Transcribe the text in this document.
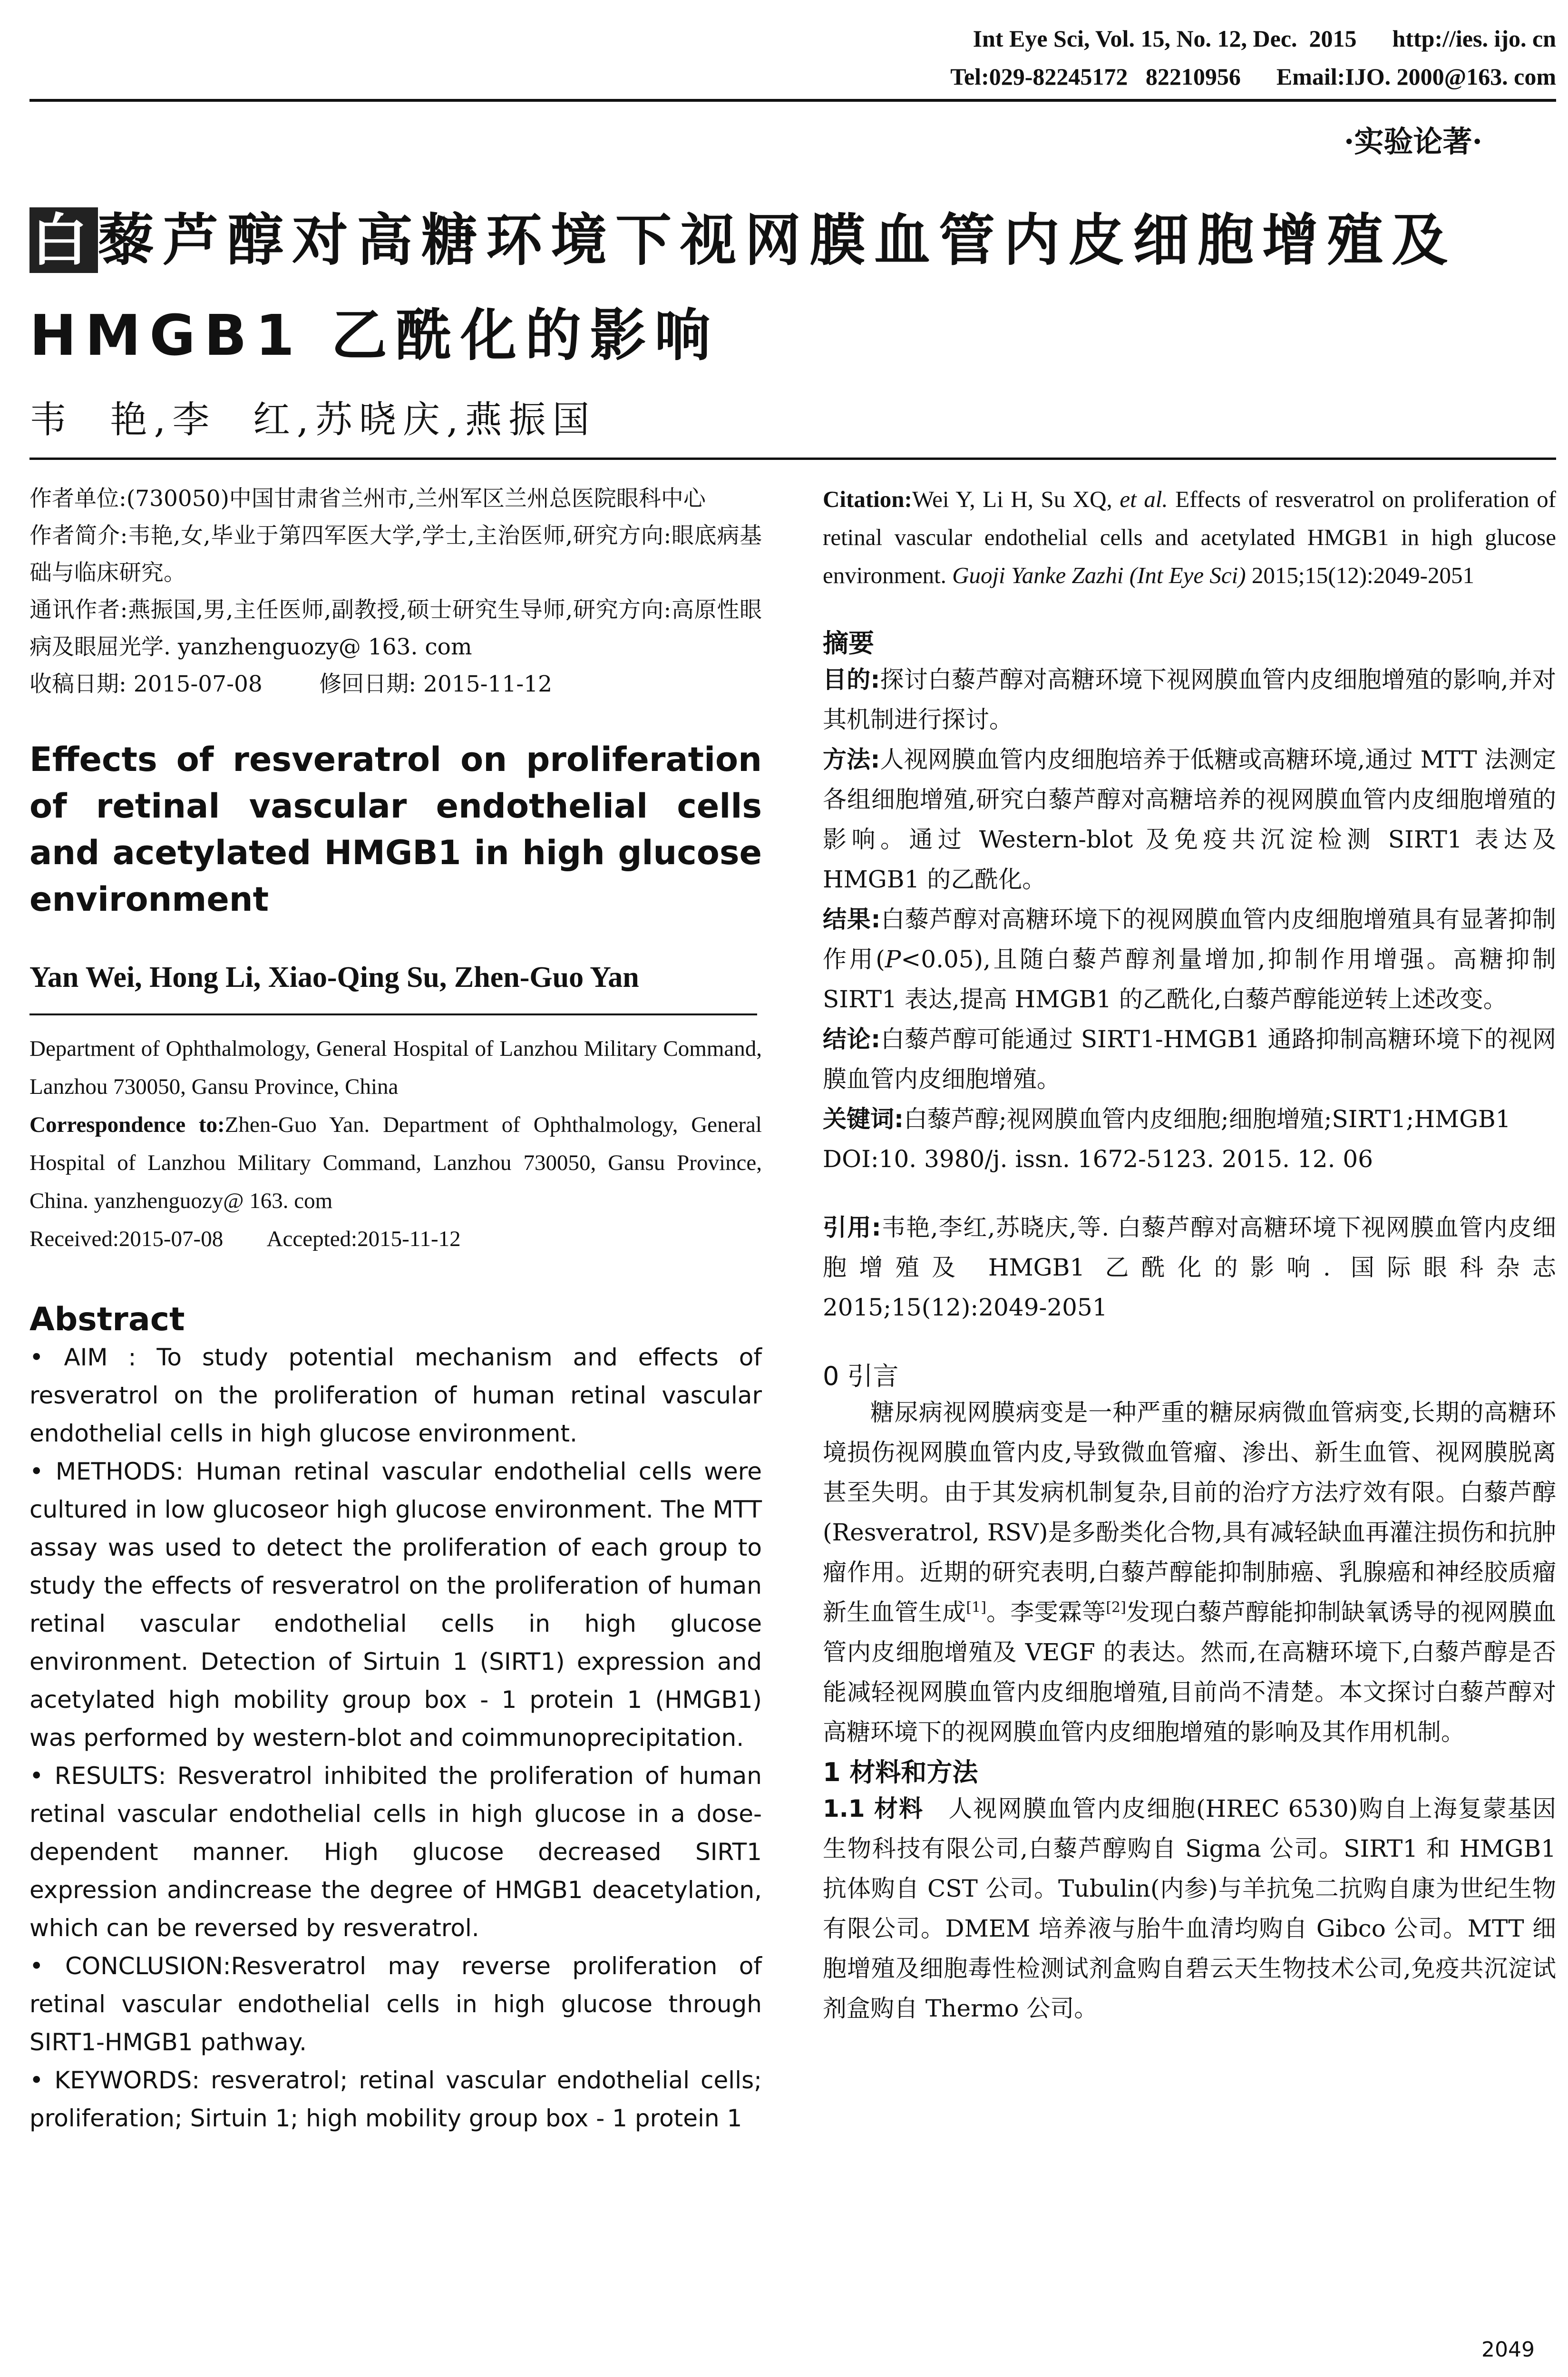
Int Eye Sci, Vol. 15, No. 12, Dec.  2015      http://ies. ijo. cn
Tel:029-82245172   82210956      Email:IJO. 2000@163. com
·实验论著·
白藜芦醇对高糖环境下视网膜血管内皮细胞增殖及HMGB1 乙酰化的影响
韦  艳,李  红,苏晓庆,燕振国

作者单位:(730050)中国甘肃省兰州市,兰州军区兰州总医院眼科中心

作者简介:韦艳,女,毕业于第四军医大学,学士,主治医师,研究方向:眼底病基础与临床研究。

通讯作者:燕振国,男,主任医师,副教授,硕士研究生导师,研究方向:高原性眼病及眼屈光学. yanzhenguozy@ 163. com

收稿日期: 2015-07-08        修回日期: 2015-11-12

Effects of resveratrol on proliferation of retinal vascular endothelial cells and acetylated HMGB1 in high glucose environment

Yan Wei, Hong Li, Xiao-Qing Su, Zhen-Guo Yan

Department of Ophthalmology, General Hospital of Lanzhou Military Command, Lanzhou 730050, Gansu Province, China

Correspondence to:Zhen-Guo Yan. Department of Ophthalmology, General Hospital of Lanzhou Military Command, Lanzhou 730050, Gansu Province, China. yanzhenguozy@ 163. com

Received:2015-07-08        Accepted:2015-11-12

Abstract

• AIM : To study potential mechanism and effects of resveratrol on the proliferation of human retinal vascular endothelial cells in high glucose environment.

• METHODS: Human retinal vascular endothelial cells were cultured in low glucoseor high glucose environment. The MTT assay was used to detect the proliferation of each group to study the effects of resveratrol on the proliferation of human retinal vascular endothelial cells in high glucose environment. Detection of Sirtuin 1 (SIRT1) expression and acetylated high mobility group box - 1 protein 1 (HMGB1) was performed by western-blot and coimmunoprecipitation.

• RESULTS: Resveratrol inhibited the proliferation of human retinal vascular endothelial cells in high glucose in a dose-dependent manner. High glucose decreased SIRT1 expression andincrease the degree of HMGB1 deacetylation, which can be reversed by resveratrol.

• CONCLUSION:Resveratrol may reverse proliferation of retinal vascular endothelial cells in high glucose through SIRT1-HMGB1 pathway.

• KEYWORDS: resveratrol; retinal vascular endothelial cells; proliferation; Sirtuin 1; high mobility group box - 1 protein 1

Citation:Wei Y, Li H, Su XQ, et al. Effects of resveratrol on proliferation of retinal vascular endothelial cells and acetylated HMGB1 in high glucose environment. Guoji Yanke Zazhi (Int Eye Sci) 2015;15(12):2049-2051

摘要

目的:探讨白藜芦醇对高糖环境下视网膜血管内皮细胞增殖的影响,并对其机制进行探讨。

方法:人视网膜血管内皮细胞培养于低糖或高糖环境,通过 MTT 法测定各组细胞增殖,研究白藜芦醇对高糖培养的视网膜血管内皮细胞增殖的影响。通过 Western-blot 及免疫共沉淀检测 SIRT1 表达及 HMGB1 的乙酰化。

结果:白藜芦醇对高糖环境下的视网膜血管内皮细胞增殖具有显著抑制作用(P<0.05),且随白藜芦醇剂量增加,抑制作用增强。高糖抑制 SIRT1 表达,提高 HMGB1 的乙酰化,白藜芦醇能逆转上述改变。

结论:白藜芦醇可能通过 SIRT1-HMGB1 通路抑制高糖环境下的视网膜血管内皮细胞增殖。

关键词:白藜芦醇;视网膜血管内皮细胞;细胞增殖;SIRT1;HMGB1

DOI:10. 3980/j. issn. 1672-5123. 2015. 12. 06

引用:韦艳,李红,苏晓庆,等. 白藜芦醇对高糖环境下视网膜血管内皮细胞增殖及 HMGB1 乙酰化的影响. 国际眼科杂志 2015;15(12):2049-2051

0 引言

糖尿病视网膜病变是一种严重的糖尿病微血管病变,长期的高糖环境损伤视网膜血管内皮,导致微血管瘤、渗出、新生血管、视网膜脱离甚至失明。由于其发病机制复杂,目前的治疗方法疗效有限。白藜芦醇(Resveratrol, RSV)是多酚类化合物,具有减轻缺血再灌注损伤和抗肿瘤作用。近期的研究表明,白藜芦醇能抑制肺癌、乳腺癌和神经胶质瘤新生血管生成[1]。李雯霖等[2]发现白藜芦醇能抑制缺氧诱导的视网膜血管内皮细胞增殖及 VEGF 的表达。然而,在高糖环境下,白藜芦醇是否能减轻视网膜血管内皮细胞增殖,目前尚不清楚。本文探讨白藜芦醇对高糖环境下的视网膜血管内皮细胞增殖的影响及其作用机制。

1 材料和方法

1.1 材料  人视网膜血管内皮细胞(HREC 6530)购自上海复蒙基因生物科技有限公司,白藜芦醇购自 Sigma 公司。SIRT1 和 HMGB1 抗体购自 CST 公司。Tubulin(内参)与羊抗兔二抗购自康为世纪生物有限公司。DMEM 培养液与胎牛血清均购自 Gibco 公司。MTT 细胞增殖及细胞毒性检测试剂盒购自碧云天生物技术公司,免疫共沉淀试剂盒购自 Thermo 公司。

2049
